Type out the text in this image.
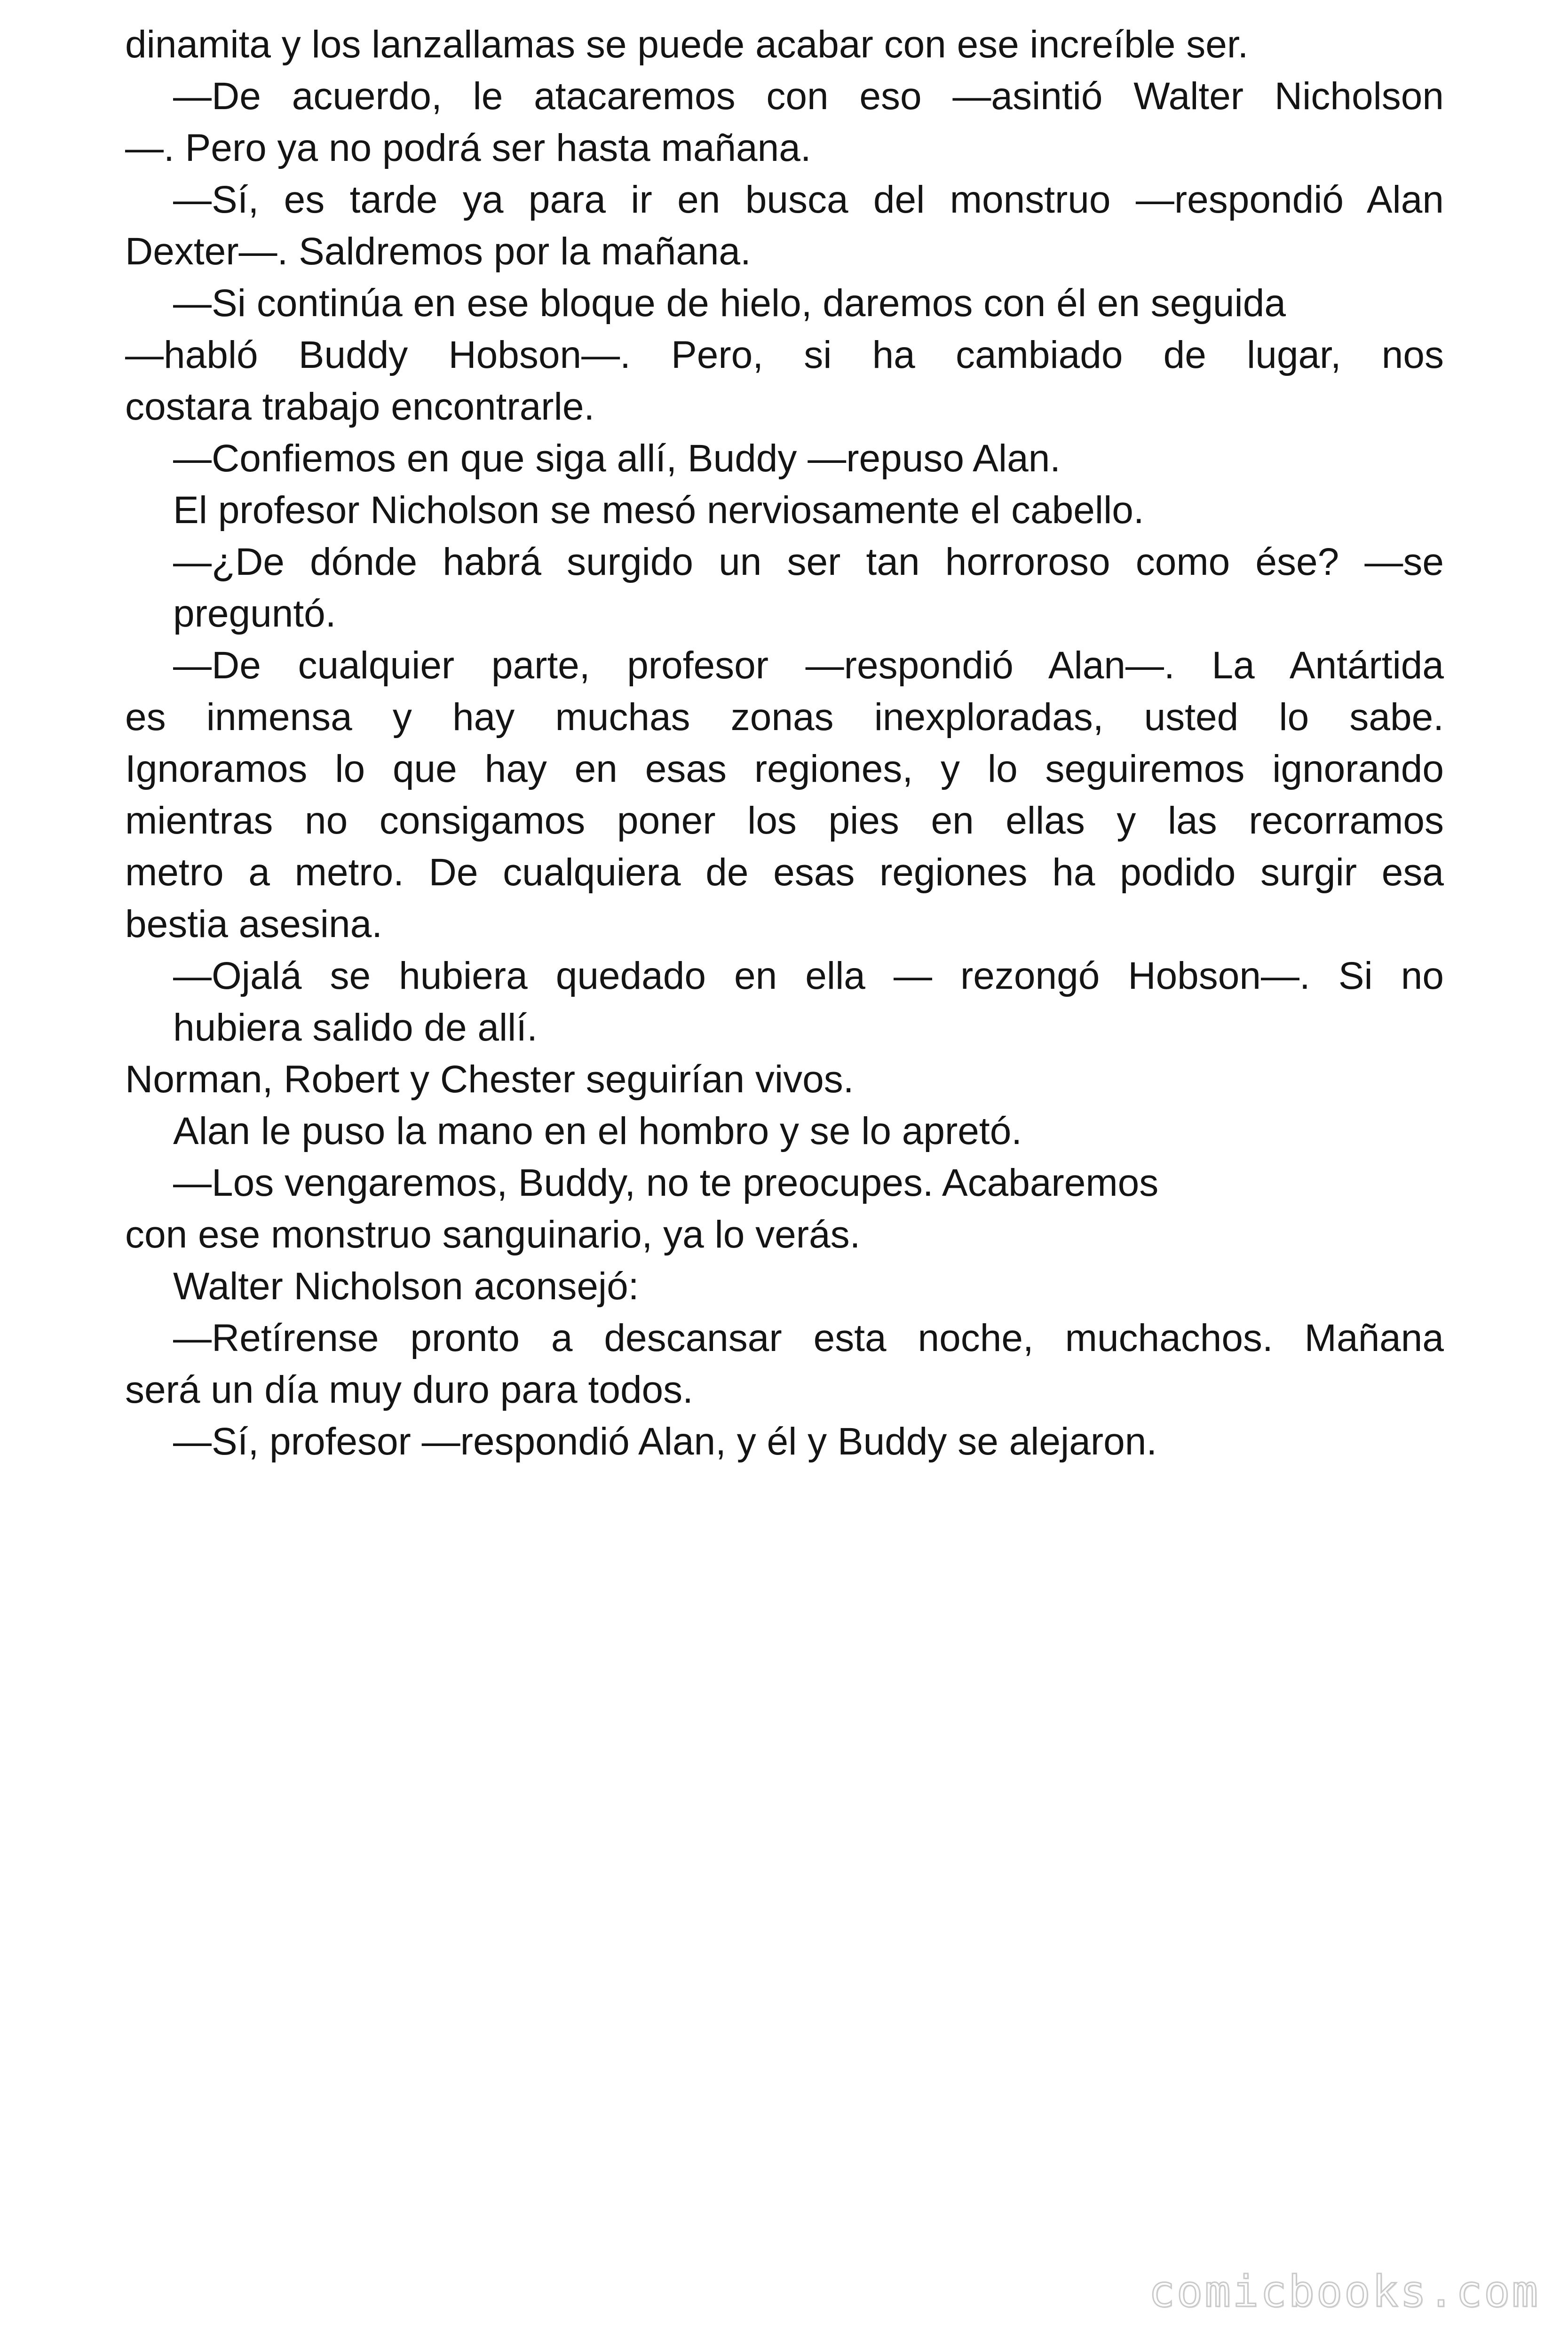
dinamita y los lanzallamas se puede acabar con ese increíble ser.
—De acuerdo, le atacaremos con eso —asintió Walter Nicholson
—. Pero ya no podrá ser hasta mañana.
—Sí, es tarde ya para ir en busca del monstruo —respondió Alan
Dexter—. Saldremos por la mañana.
—Si continúa en ese bloque de hielo, daremos con él en seguida
—habló Buddy Hobson—. Pero, si ha cambiado de lugar, nos
costara trabajo encontrarle.
—Confiemos en que siga allí, Buddy —repuso Alan.
El profesor Nicholson se mesó nerviosamente el cabello.
—¿De dónde habrá surgido un ser tan horroroso como ése? —se
preguntó.
—De cualquier parte, profesor —respondió Alan—. La Antártida
es inmensa y hay muchas zonas inexploradas, usted lo sabe.
Ignoramos lo que hay en esas regiones, y lo seguiremos ignorando
mientras no consigamos poner los pies en ellas y las recorramos
metro a metro. De cualquiera de esas regiones ha podido surgir esa
bestia asesina.
—Ojalá se hubiera quedado en ella — rezongó Hobson—. Si no
hubiera salido de allí.
Norman, Robert y Chester seguirían vivos.
Alan le puso la mano en el hombro y se lo apretó.
—Los vengaremos, Buddy, no te preocupes. Acabaremos
con ese monstruo sanguinario, ya lo verás.
Walter Nicholson aconsejó:
—Retírense pronto a descansar esta noche, muchachos. Mañana
será un día muy duro para todos.
—Sí, profesor —respondió Alan, y él y Buddy se alejaron.
comicbooks.com
